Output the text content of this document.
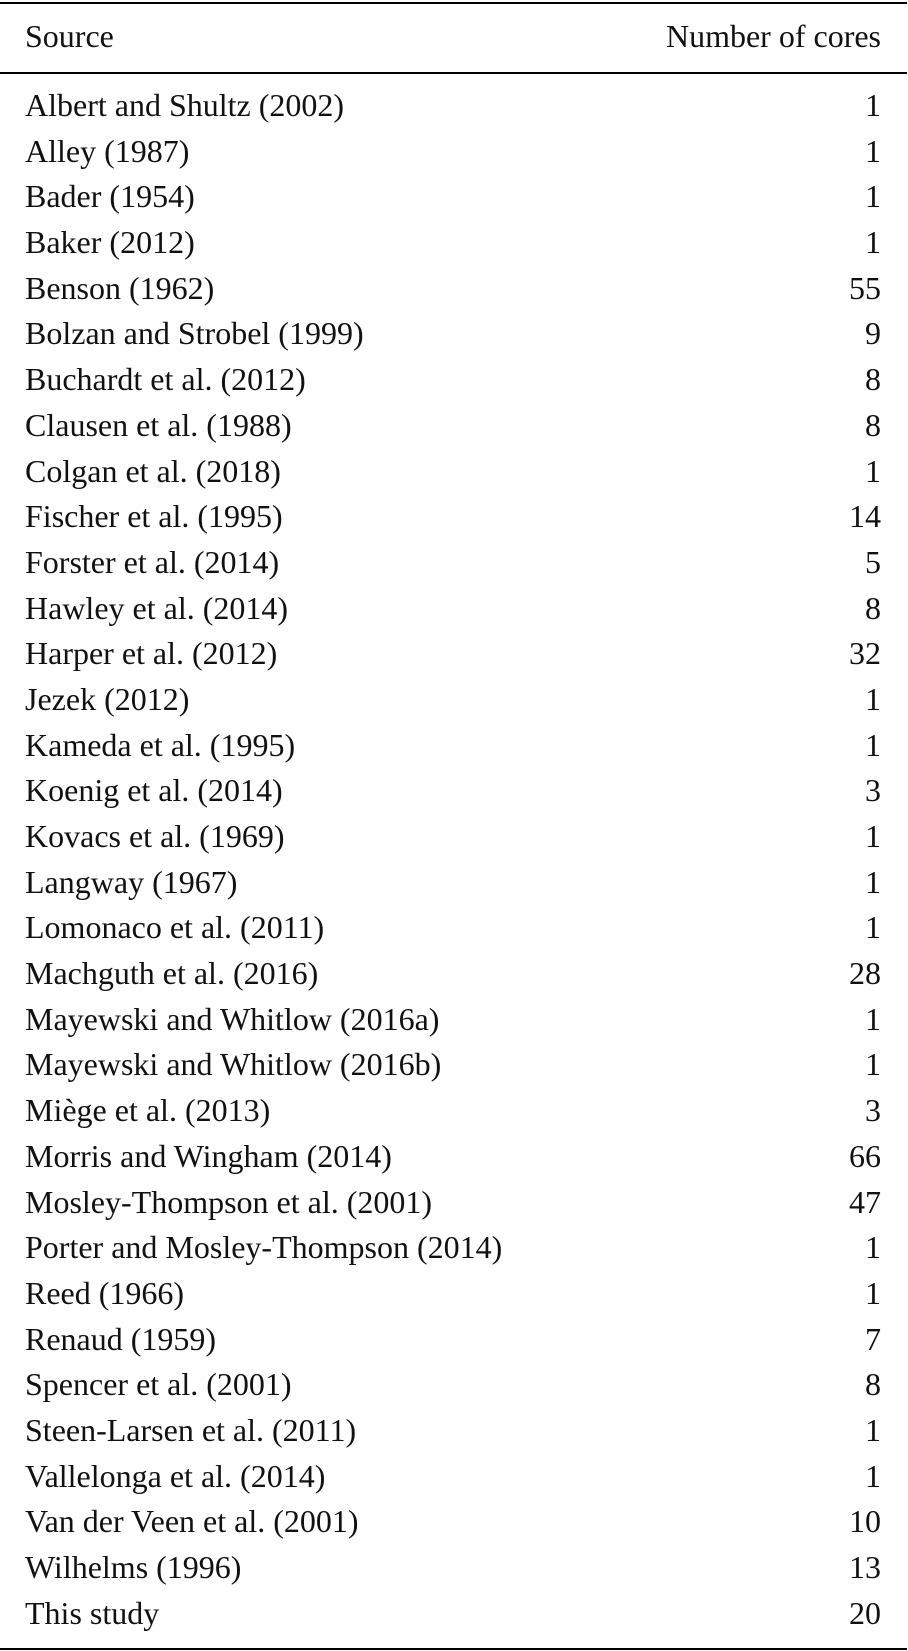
Source	Number of cores
Albert and Shultz (2002)	1
Alley (1987)	1
Bader (1954)	1
Baker (2012)	1
Benson (1962)	55
Bolzan and Strobel (1999)	9
Buchardt et al. (2012)	8
Clausen et al. (1988)	8
Colgan et al. (2018)	1
Fischer et al. (1995)	14
Forster et al. (2014)	5
Hawley et al. (2014)	8
Harper et al. (2012)	32
Jezek (2012)	1
Kameda et al. (1995)	1
Koenig et al. (2014)	3
Kovacs et al. (1969)	1
Langway (1967)	1
Lomonaco et al. (2011)	1
Machguth et al. (2016)	28
Mayewski and Whitlow (2016a)	1
Mayewski and Whitlow (2016b)	1
Miège et al. (2013)	3
Morris and Wingham (2014)	66
Mosley-Thompson et al. (2001)	47
Porter and Mosley-Thompson (2014)	1
Reed (1966)	1
Renaud (1959)	7
Spencer et al. (2001)	8
Steen-Larsen et al. (2011)	1
Vallelonga et al. (2014)	1
Van der Veen et al. (2001)	10
Wilhelms (1996)	13
This study	20
